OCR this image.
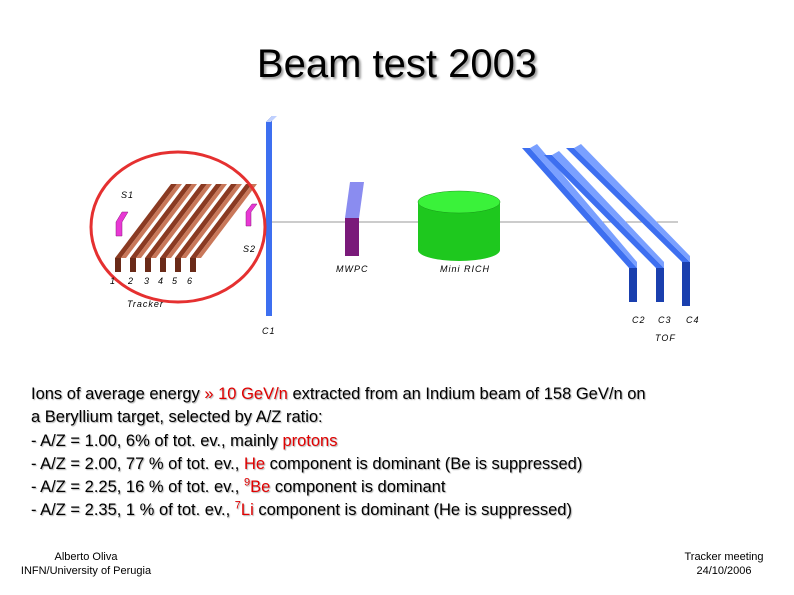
Beam test 2003
S1
S2
1 2 3 4 5 6
Tracker
C1
MWPC	Mini RICH
C2 C3 C4
TOF
Ions of average energy » 10 GeV/n extracted from an Indium beam of 158 GeV/n on
a Beryllium target, selected by A/Z ratio:
- A/Z = 1.00, 6% of tot. ev., mainly protons
- A/Z = 2.00, 77 % of tot. ev., He component is dominant (Be is suppressed)
- A/Z = 2.25, 16 % of tot. ev., $^9$Be component is dominant
- A/Z = 2.35, 1 % of tot. ev., $^7$Li component is dominant (He is suppressed)
Alberto Oliva
INFN/University of Perugia
Tracker meeting
24/10/2006
